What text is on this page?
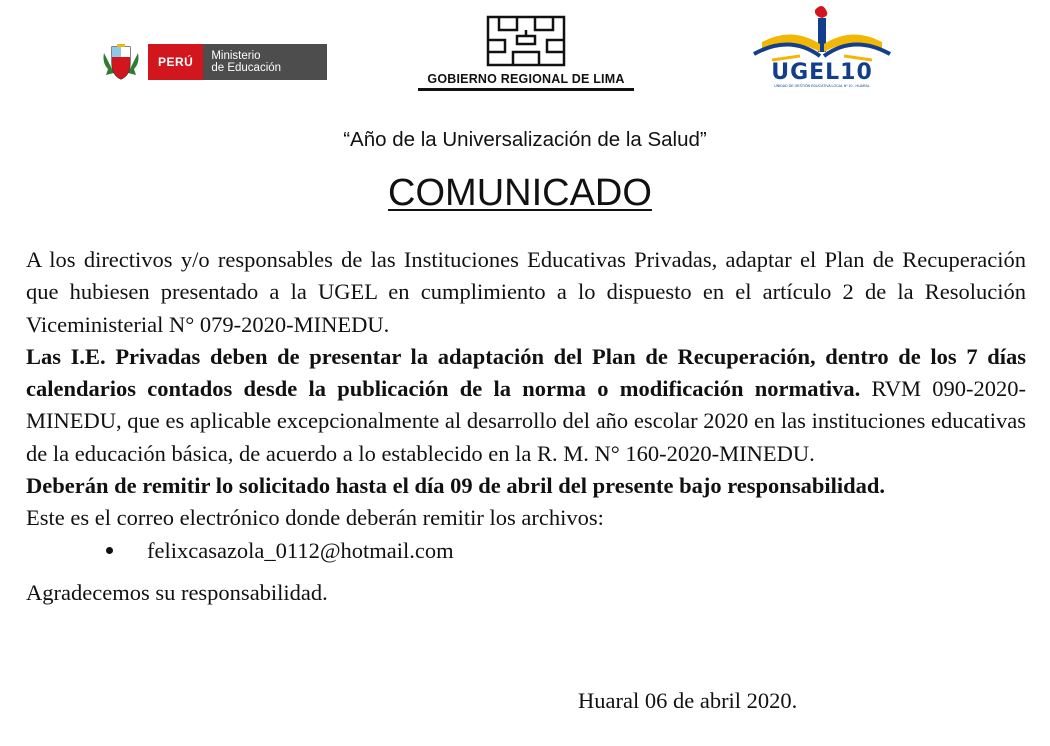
PERÚ	Ministerio
de Educación
GOBIERNO REGIONAL DE LIMA	UGEL10
UNIDAD DE GESTIÓN EDUCATIVA LOCAL Nº 10 - HUARAL
“Año de la Universalización de la Salud”
COMUNICADO

A los directivos y/o responsables de las Instituciones Educativas Privadas, adaptar el Plan de Recuperación que hubiesen presentado a la UGEL en cumplimiento a lo dispuesto en el artículo 2 de la Resolución Viceministerial N° 079-2020-MINEDU.

Las I.E. Privadas deben de presentar la adaptación del Plan de Recuperación, dentro de los 7 días calendarios contados desde la publicación de la norma o modificación normativa. RVM 090-2020-MINEDU, que es aplicable excepcionalmente al desarrollo del año escolar 2020 en las instituciones educativas de la educación básica, de acuerdo a lo establecido en la R. M. N° 160-2020-MINEDU.

Deberán de remitir lo solicitado hasta el día 09 de abril del presente bajo responsabilidad.

Este es el correo electrónico donde deberán remitir los archivos:

felixcasazola_0112@hotmail.com

Agradecemos su responsabilidad.

Huaral 06 de abril 2020.
